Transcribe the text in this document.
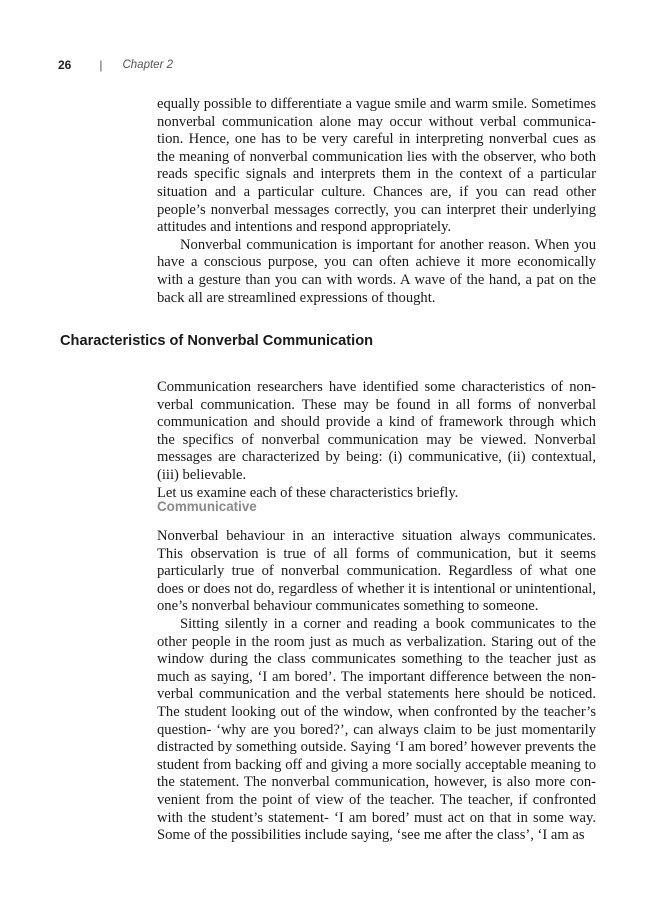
26 | Chapter 2

equally possible to differentiate a vague smile and warm smile. Sometimes nonverbal communication alone may occur without verbal communication. Hence, one has to be very careful in interpreting nonverbal cues as the meaning of nonverbal communication lies with the observer, who both reads specific signals and interprets them in the context of a particular situation and a particular culture. Chances are, if you can read other people’s nonverbal messages correctly, you can interpret their underlying attitudes and intentions and respond appropriately.

Nonverbal communication is important for another reason. When you have a conscious purpose, you can often achieve it more economically with a gesture than you can with words. A wave of the hand, a pat on the back all are streamlined expressions of thought.

Characteristics of Nonverbal Communication

Communication researchers have identified some characteristics of nonverbal communication. These may be found in all forms of nonverbal communication and should provide a kind of framework through which the specifics of nonverbal communication may be viewed. Nonverbal messages are characterized by being: (i) communicative, (ii) contextual, (iii) believable.

Let us examine each of these characteristics briefly.

Communicative

Nonverbal behaviour in an interactive situation always communicates. This observation is true of all forms of communication, but it seems particularly true of nonverbal communication. Regardless of what one does or does not do, regardless of whether it is intentional or unintentional, one’s nonverbal behaviour communicates something to someone.

Sitting silently in a corner and reading a book communicates to the other people in the room just as much as verbalization. Staring out of the window during the class communicates something to the teacher just as much as saying, ‘I am bored’. The important difference between the nonverbal communication and the verbal statements here should be noticed. The student looking out of the window, when confronted by the teacher’s question- ‘why are you bored?’, can always claim to be just momentarily distracted by something outside. Saying ‘I am bored’ however prevents the student from backing off and giving a more socially acceptable meaning to the statement. The nonverbal communication, however, is also more convenient from the point of view of the teacher. The teacher, if confronted with the student’s statement- ‘I am bored’ must act on that in some way. Some of the possibilities include saying, ‘see me after the class’, ‘I am as
